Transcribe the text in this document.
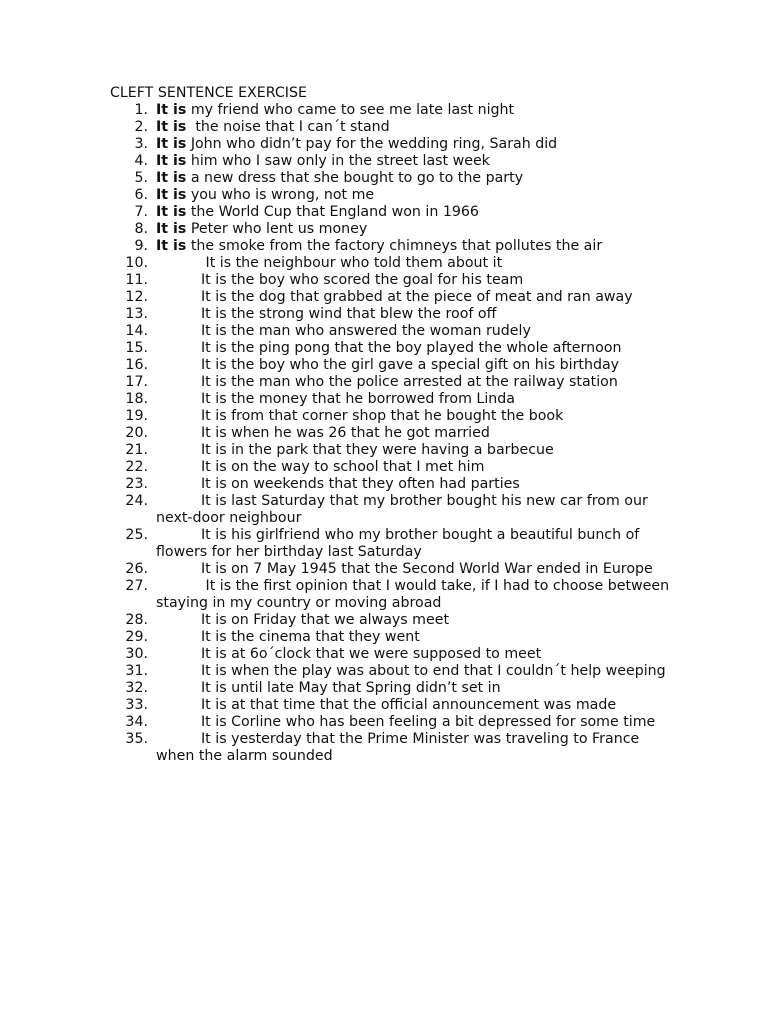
CLEFT SENTENCE EXERCISE
1. It is my friend who came to see me late last night
2. It is  the noise that I can´t stand
3. It is John who didn’t pay for the wedding ring, Sarah did
4. It is him who I saw only in the street last week
5. It is a new dress that she bought to go to the party
6. It is you who is wrong, not me
7. It is the World Cup that England won in 1966
8. It is Peter who lent us money
9. It is the smoke from the factory chimneys that pollutes the air
10.	It is the neighbour who told them about it
11.	It is the boy who scored the goal for his team
12.	It is the dog that grabbed at the piece of meat and ran away
13.	It is the strong wind that blew the roof off
14.	It is the man who answered the woman rudely
15.	It is the ping pong that the boy played the whole afternoon
16.	It is the boy who the girl gave a special gift on his birthday
17.	It is the man who the police arrested at the railway station
18.	It is the money that he borrowed from Linda
19.	It is from that corner shop that he bought the book
20.	It is when he was 26 that he got married
21.	It is in the park that they were having a barbecue
22.	It is on the way to school that I met him
23.	It is on weekends that they often had parties
24.	It is last Saturday that my brother bought his new car from our next-door neighbour
25.	It is his girlfriend who my brother bought a beautiful bunch of flowers for her birthday last Saturday
26.	It is on 7 May 1945 that the Second World War ended in Europe
27.	It is the first opinion that I would take, if I had to choose between staying in my country or moving abroad
28.	It is on Friday that we always meet
29.	It is the cinema that they went
30.	It is at 6o´clock that we were supposed to meet
31.	It is when the play was about to end that I couldn´t help weeping
32.	It is until late May that Spring didn’t set in
33.	It is at that time that the official announcement was made
34.	It is Corline who has been feeling a bit depressed for some time
35.	It is yesterday that the Prime Minister was traveling to France when the alarm sounded
